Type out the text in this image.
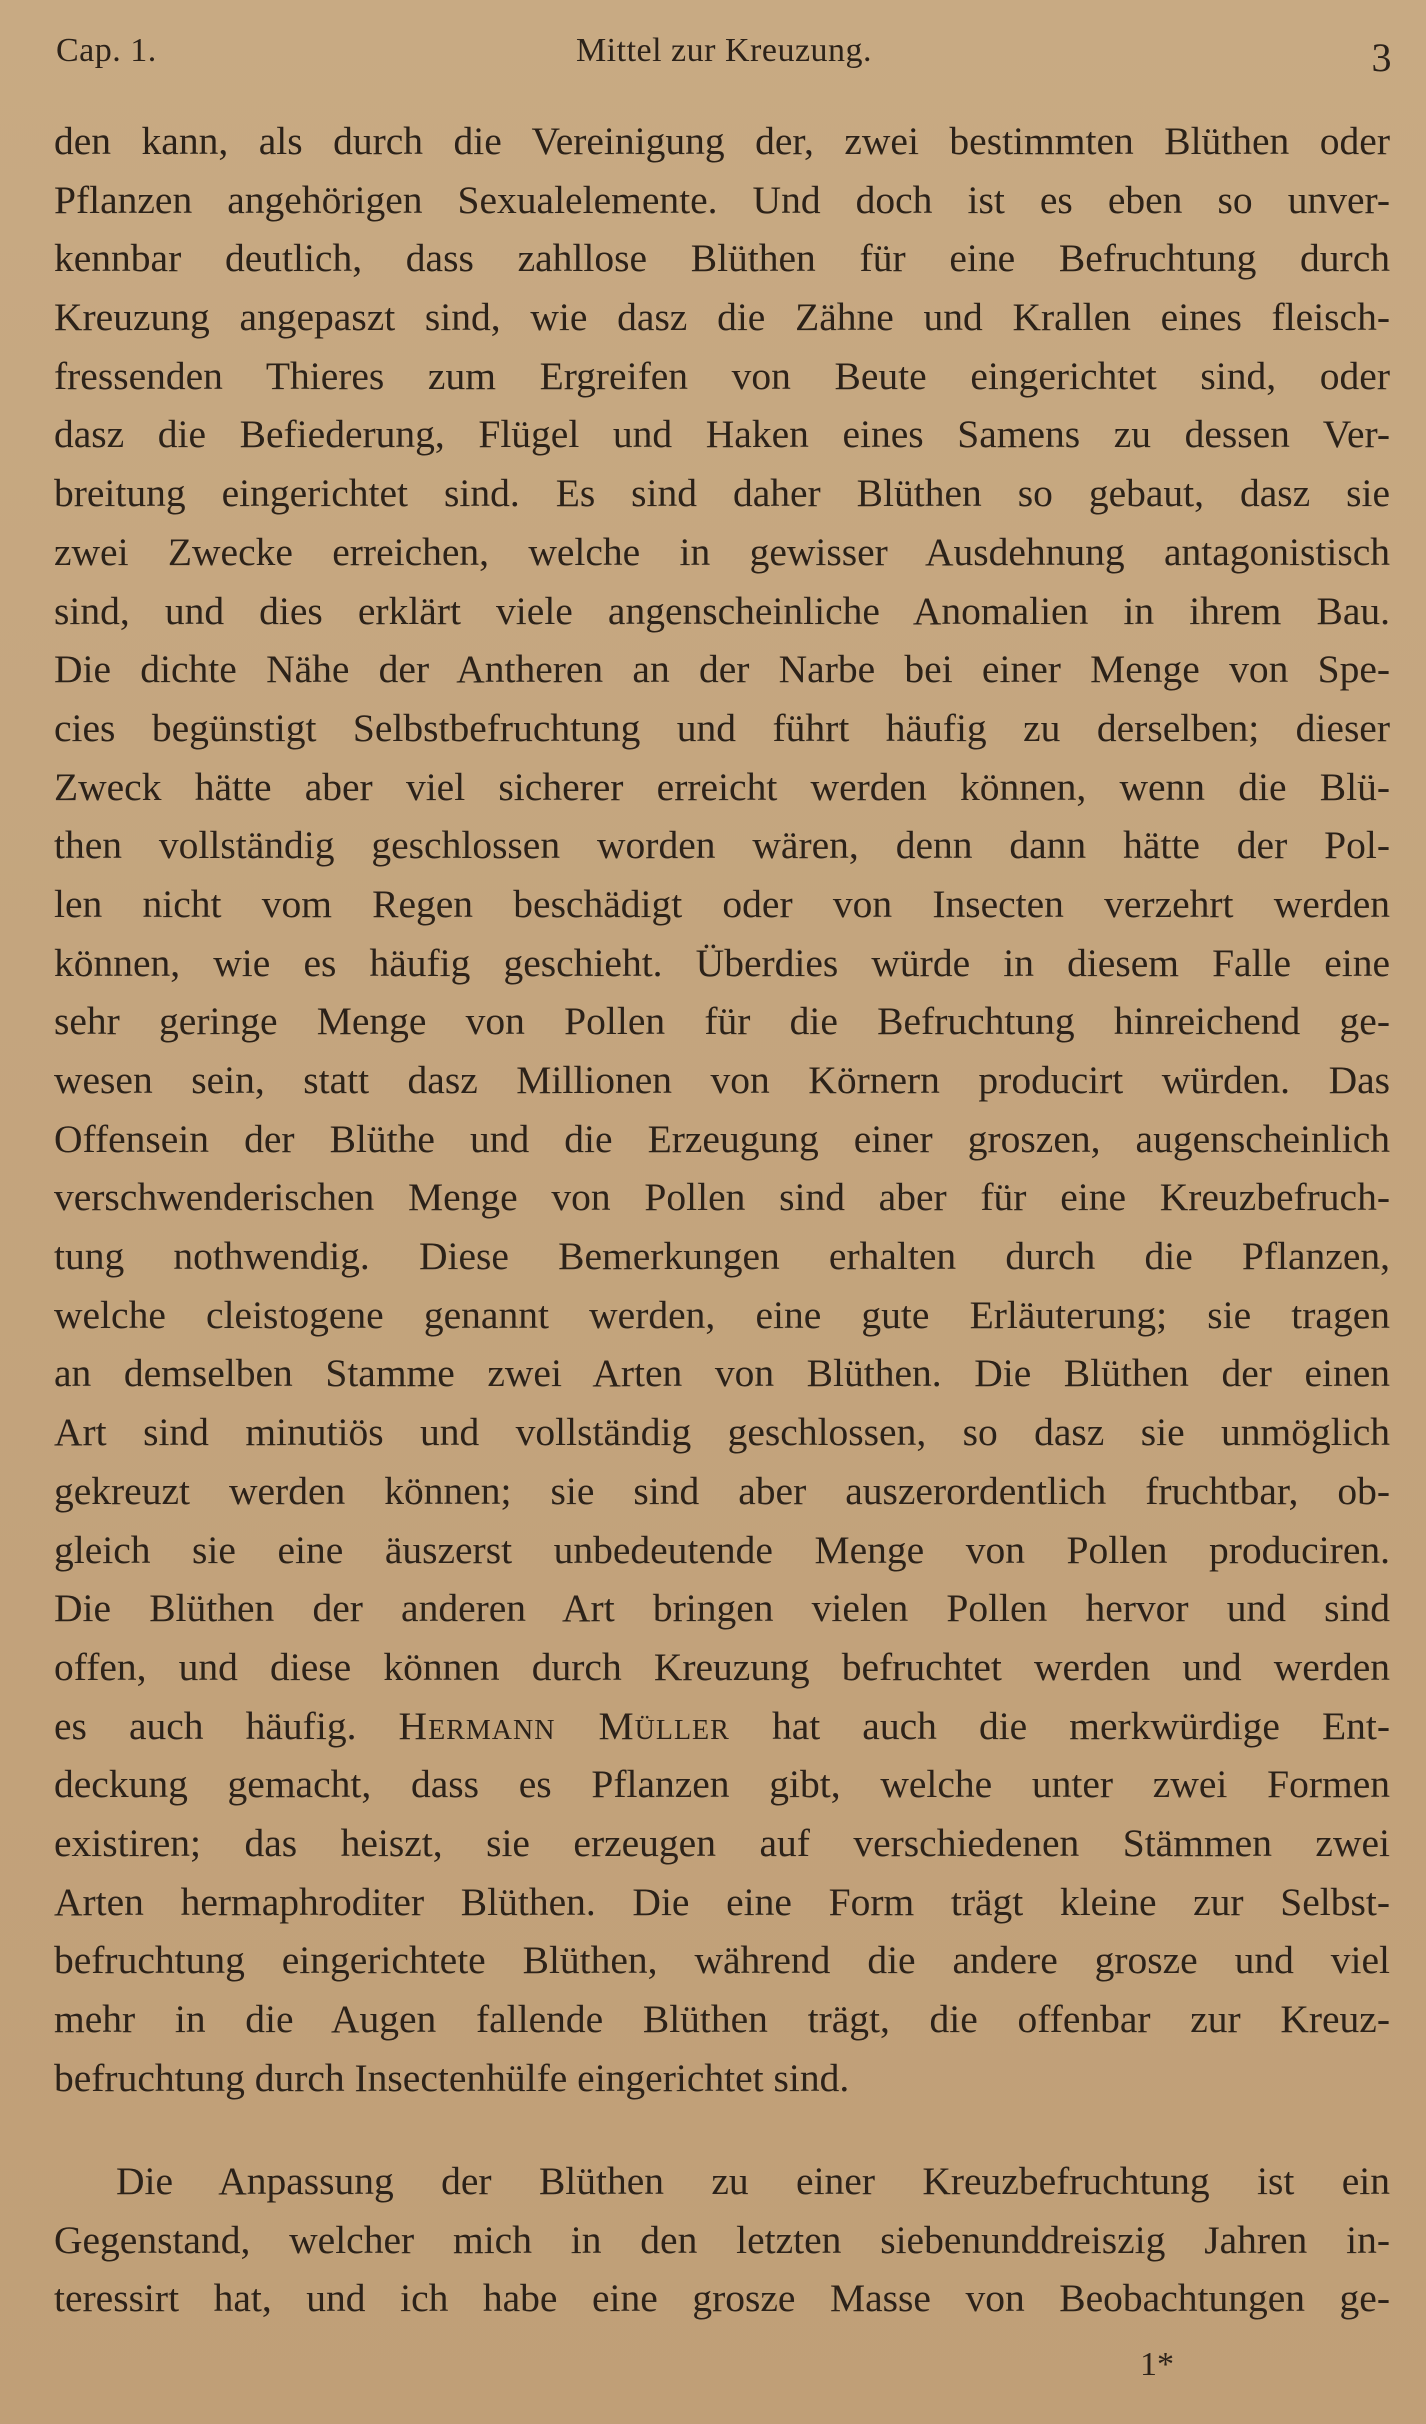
Cap. 1.	Mittel zur Kreuzung.	3
den kann, als durch die Vereinigung der, zwei bestimmten Blüthen oder
Pflanzen angehörigen Sexualelemente. Und doch ist es eben so unver-
kennbar deutlich, dass zahllose Blüthen für eine Befruchtung durch
Kreuzung angepaszt sind, wie dasz die Zähne und Krallen eines fleisch-
fressenden Thieres zum Ergreifen von Beute eingerichtet sind, oder
dasz die Befiederung, Flügel und Haken eines Samens zu dessen Ver-
breitung eingerichtet sind. Es sind daher Blüthen so gebaut, dasz sie
zwei Zwecke erreichen, welche in gewisser Ausdehnung antagonistisch
sind, und dies erklärt viele angenscheinliche Anomalien in ihrem Bau.
Die dichte Nähe der Antheren an der Narbe bei einer Menge von Spe-
cies begünstigt Selbstbefruchtung und führt häufig zu derselben; dieser
Zweck hätte aber viel sicherer erreicht werden können, wenn die Blü-
then vollständig geschlossen worden wären, denn dann hätte der Pol-
len nicht vom Regen beschädigt oder von Insecten verzehrt werden
können, wie es häufig geschieht. Überdies würde in diesem Falle eine
sehr geringe Menge von Pollen für die Befruchtung hinreichend ge-
wesen sein, statt dasz Millionen von Körnern producirt würden. Das
Offensein der Blüthe und die Erzeugung einer groszen, augenscheinlich
verschwenderischen Menge von Pollen sind aber für eine Kreuzbefruch-
tung nothwendig. Diese Bemerkungen erhalten durch die Pflanzen,
welche cleistogene genannt werden, eine gute Erläuterung; sie tragen
an demselben Stamme zwei Arten von Blüthen. Die Blüthen der einen
Art sind minutiös und vollständig geschlossen, so dasz sie unmöglich
gekreuzt werden können; sie sind aber auszerordentlich fruchtbar, ob-
gleich sie eine äuszerst unbedeutende Menge von Pollen produciren.
Die Blüthen der anderen Art bringen vielen Pollen hervor und sind
offen, und diese können durch Kreuzung befruchtet werden und werden
es auch häufig. Hermann Müller hat auch die merkwürdige Ent-
deckung gemacht, dass es Pflanzen gibt, welche unter zwei Formen
existiren; das heiszt, sie erzeugen auf verschiedenen Stämmen zwei
Arten hermaphroditer Blüthen. Die eine Form trägt kleine zur Selbst-
befruchtung eingerichtete Blüthen, während die andere grosze und viel
mehr in die Augen fallende Blüthen trägt, die offenbar zur Kreuz-
befruchtung durch Insectenhülfe eingerichtet sind.
Die Anpassung der Blüthen zu einer Kreuzbefruchtung ist ein
Gegenstand, welcher mich in den letzten siebenunddreiszig Jahren in-
teressirt hat, und ich habe eine grosze Masse von Beobachtungen ge-
1*
